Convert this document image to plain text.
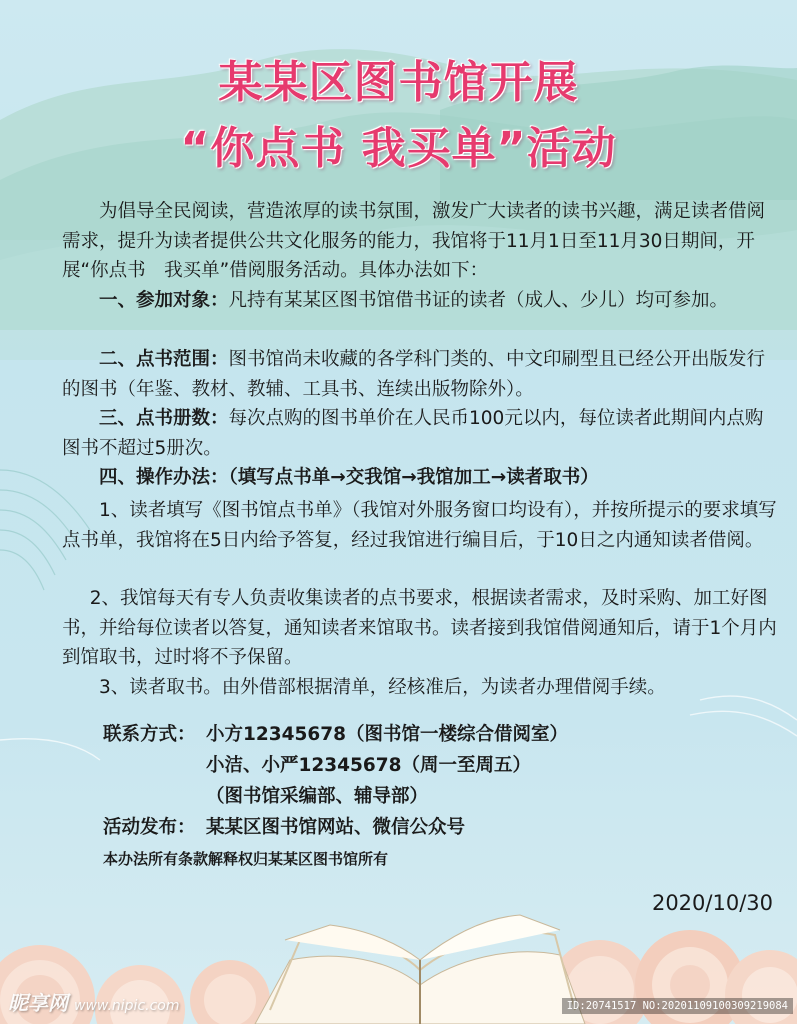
某某区图书馆开展
“你点书 我买单”活动

为倡导全民阅读，营造浓厚的读书氛围，激发广大读者的读书兴趣，满足读者借阅需求，提升为读者提供公共文化服务的能力，我馆将于11月1日至11月30日期间，开展“你点书　我买单”借阅服务活动。具体办法如下：

一、参加对象：凡持有某某区图书馆借书证的读者（成人、少儿）均可参加。

二、点书范围：图书馆尚未收藏的各学科门类的、中文印刷型且已经公开出版发行的图书（年鉴、教材、教辅、工具书、连续出版物除外）。

三、点书册数：每次点购的图书单价在人民币100元以内，每位读者此期间内点购图书不超过5册次。

四、操作办法：（填写点书单→交我馆→我馆加工→读者取书）

1、读者填写《图书馆点书单》（我馆对外服务窗口均设有），并按所提示的要求填写点书单，我馆将在5日内给予答复，经过我馆进行编目后，于10日之内通知读者借阅。

2、我馆每天有专人负责收集读者的点书要求，根据读者需求，及时采购、加工好图书，并给每位读者以答复，通知读者来馆取书。读者接到我馆借阅通知后，请于1个月内到馆取书，过时将不予保留。

3、读者取书。由外借部根据清单，经核准后，为读者办理借阅手续。

联系方式： 小方12345678（图书馆一楼综合借阅室）
小洁、小严12345678（周一至周五）
（图书馆采编部、辅导部）
活动发布： 某某区图书馆网站、微信公众号
本办法所有条款解释权归某某区图书馆所有
2020/10/30
昵享网 www.nipic.com	ID:20741517 NO:20201109100309219084
